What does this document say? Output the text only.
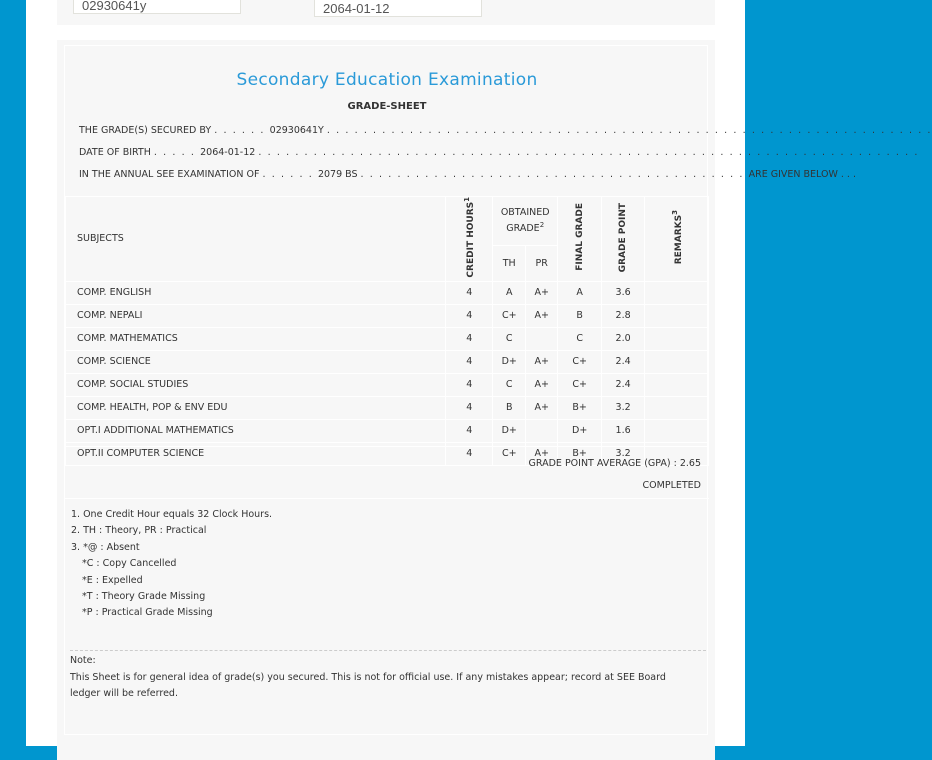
02930641y	2064-01-12
Secondary Education Examination
GRADE-SHEET
THE GRADE(S) SECURED BY . . . . . . 02930641Y . . . . . . . . . . . . . . . . . . . . . . . . . . . . . . . . . . . . . . . . . . . . . . . . . . . . . . . . . . . . . . . . . .
DATE OF BIRTH . . . . . 2064-01-12 . . . . . . . . . . . . . . . . . . . . . . . . . . . . . . . . . . . . . . . . . . . . . . . . . . . . . . . . . . . . . . . . . . . . . . . .
IN THE ANNUAL SEE EXAMINATION OF . . . . . . 2079 BS . . . . . . . . . . . . . . . . . . . . . . . . . . . . . . . . . . . . . . . . . . ARE GIVEN BELOW . . .
SUBJECTS	CREDIT HOURS$^1$	OBTAINED GRADE$^2$		FINAL GRADE	GRADE POINT	REMARKS$^3$
		TH	PR			
COMP. ENGLISH	4	A	A+	A	3.6	
COMP. NEPALI	4	C+	A+	B	2.8	
COMP. MATHEMATICS	4	C		C	2.0	
COMP. SCIENCE	4	D+	A+	C+	2.4	
COMP. SOCIAL STUDIES	4	C	A+	C+	2.4	
COMP. HEALTH, POP & ENV EDU	4	B	A+	B+	3.2	
OPT.I ADDITIONAL MATHEMATICS	4	D+		D+	1.6	
OPT.II COMPUTER SCIENCE	4	C+	A+	B+	3.2	
GRADE POINT AVERAGE (GPA) : 2.65
COMPLETED
1. One Credit Hour equals 32 Clock Hours.
2. TH : Theory, PR : Practical
3. *@ : Absent
*C : Copy Cancelled
*E : Expelled
*T : Theory Grade Missing
*P : Practical Grade Missing
Note:
This Sheet is for general idea of grade(s) you secured. This is not for official use. If any mistakes appear; record at SEE Board ledger will be referred.
